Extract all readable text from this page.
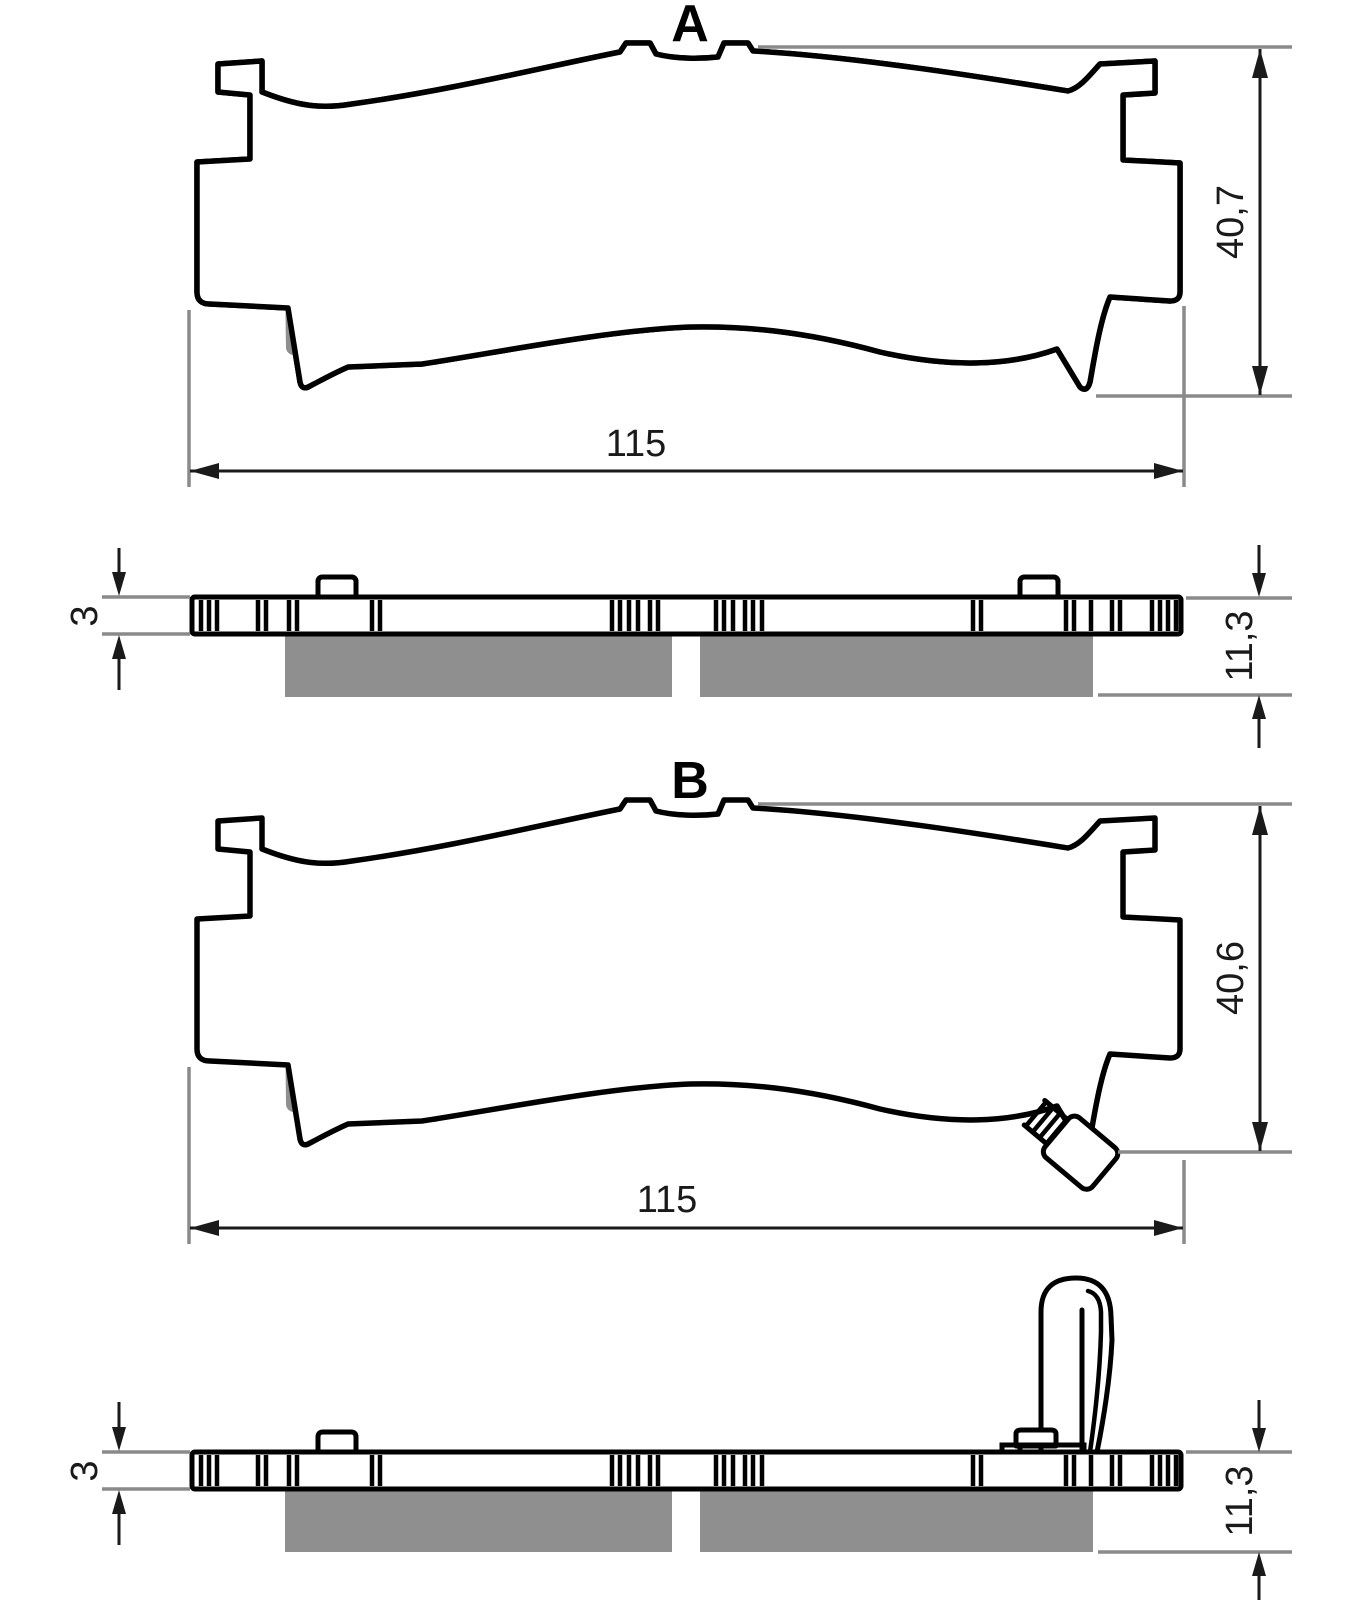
A
40,7
115
3	11,3
B
40,6
115
3	11,3
